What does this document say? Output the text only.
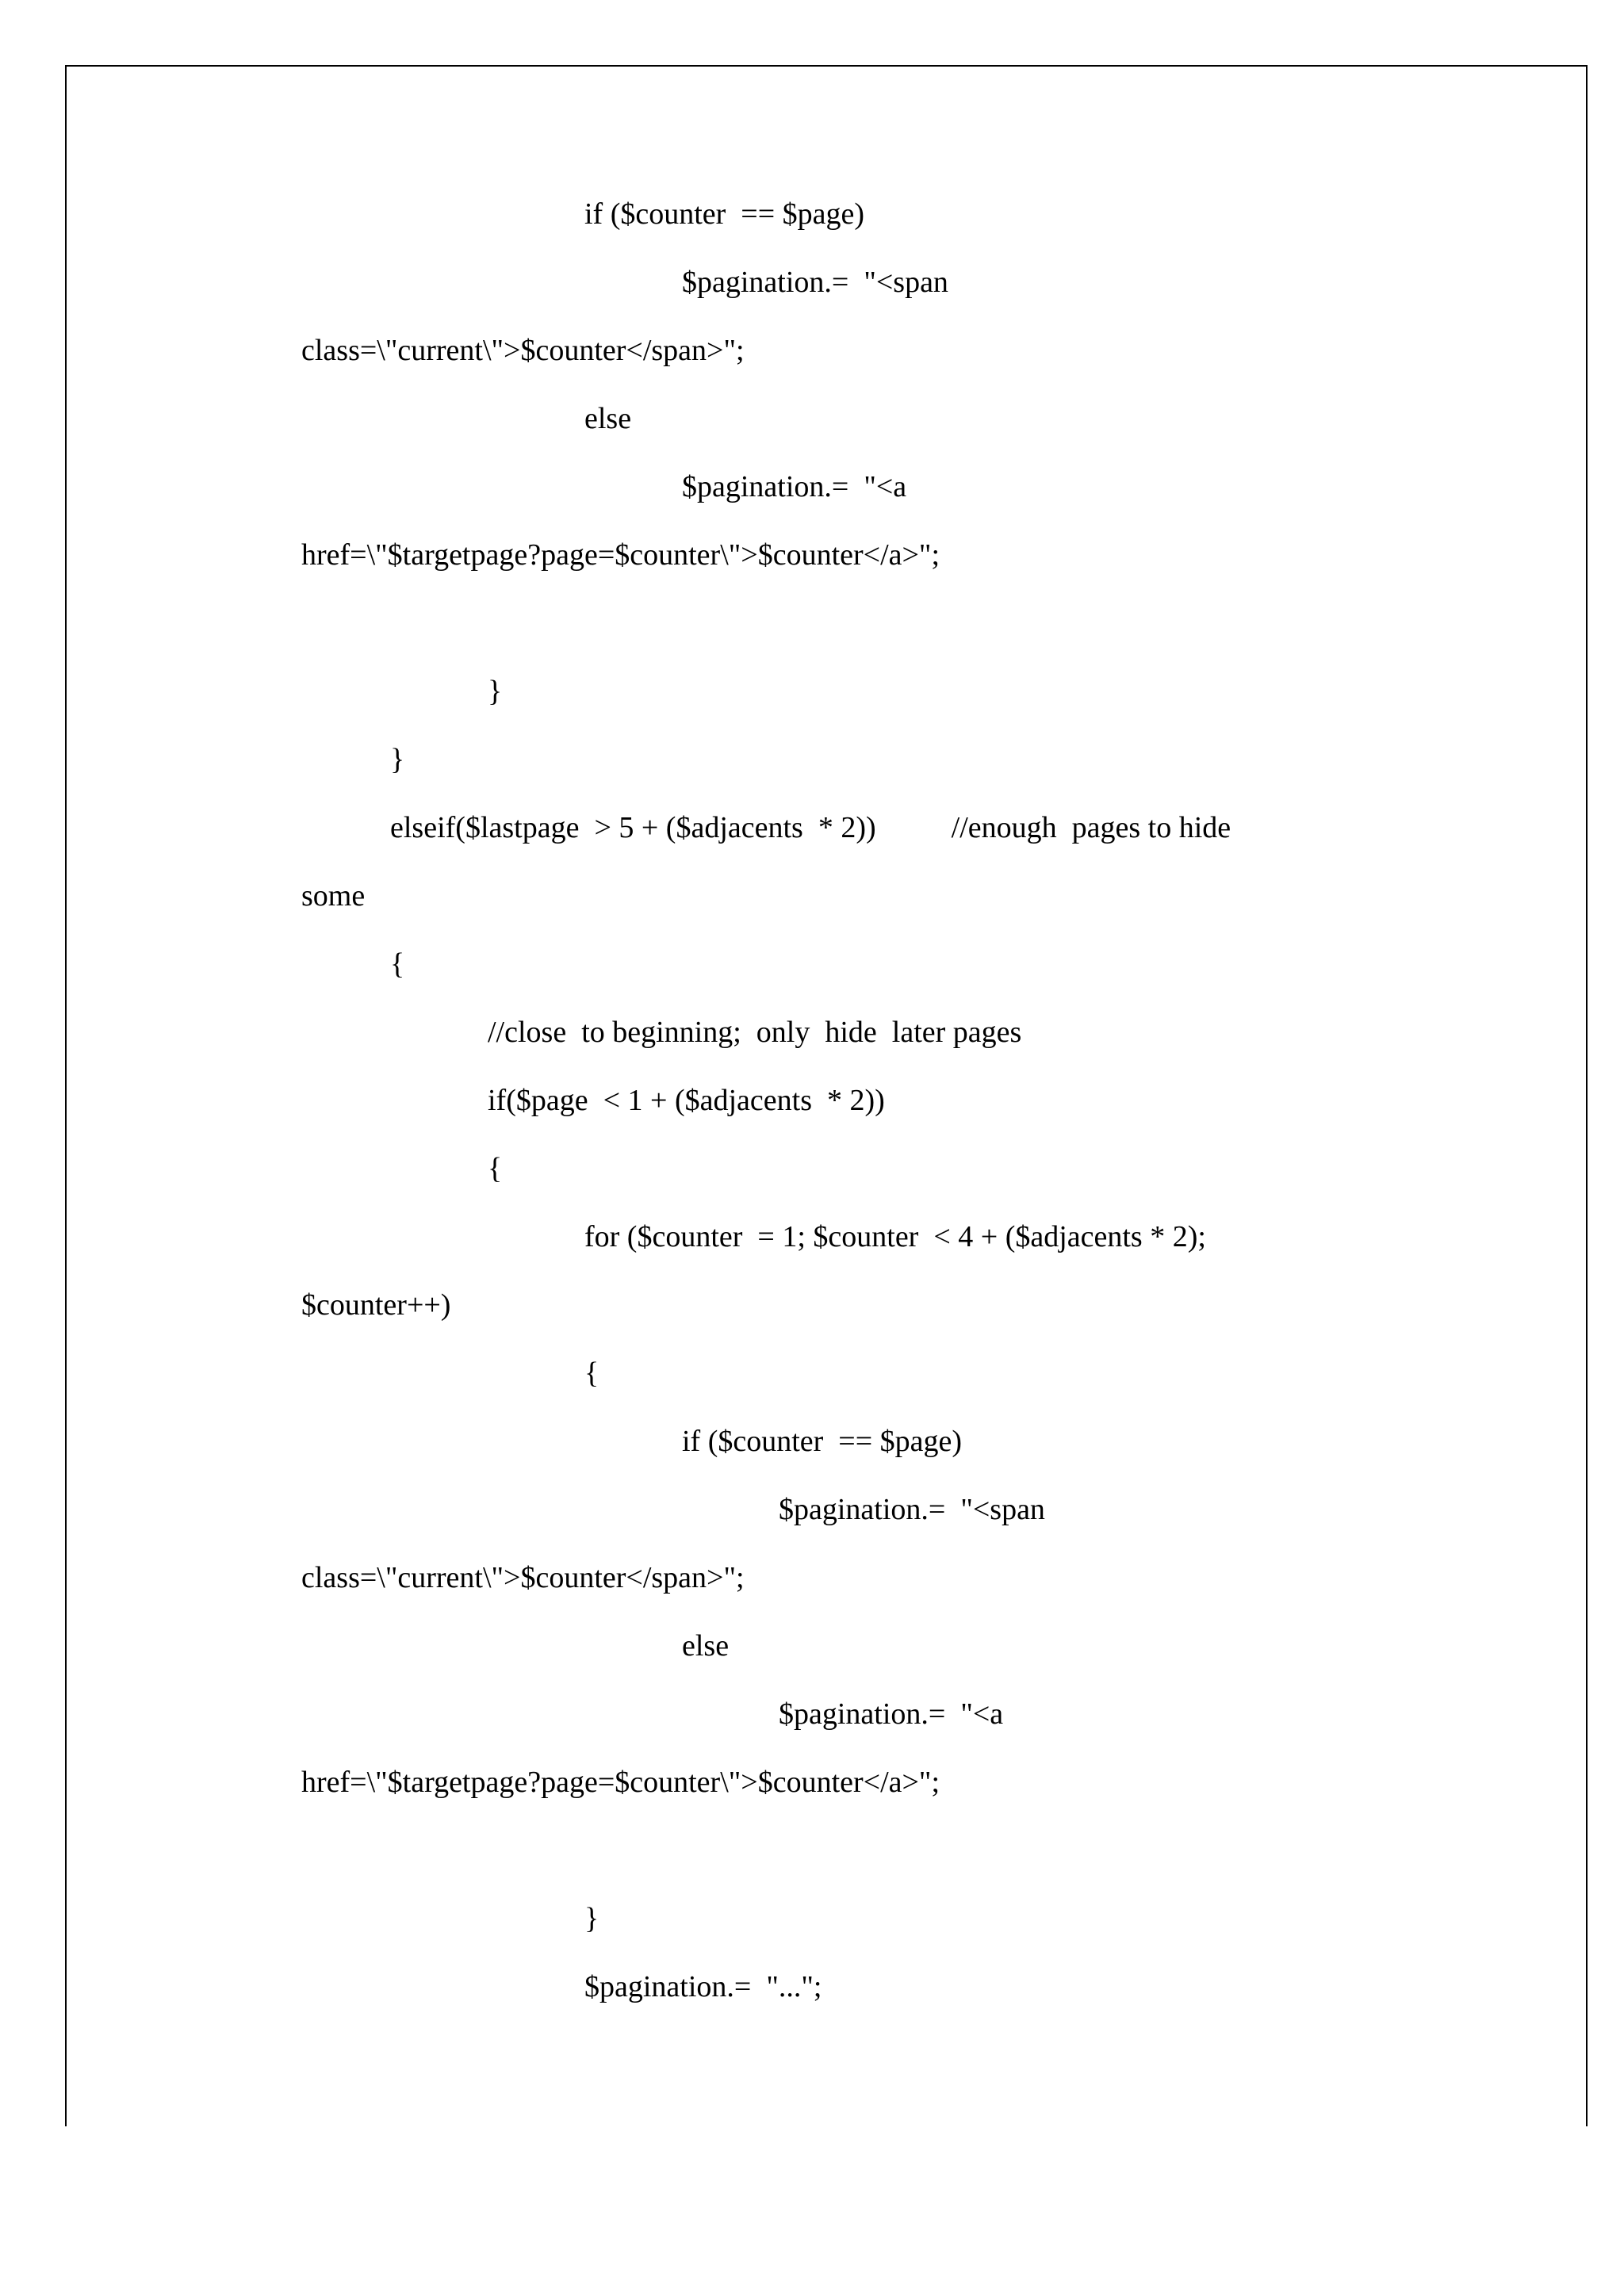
if ($counter  == $page)

$pagination.=  "<span

class=\"current\">$counter</span>";

else

$pagination.=  "<a

href=\"$targetpage?page=$counter\">$counter</a>";

}

}

elseif($lastpage  > 5 + ($adjacents  * 2))          //enough  pages to hide

some

{

//close  to beginning;  only  hide  later pages

if($page  < 1 + ($adjacents  * 2))

{

for ($counter  = 1; $counter  < 4 + ($adjacents * 2);

$counter++)

{

if ($counter  == $page)

$pagination.=  "<span

class=\"current\">$counter</span>";

else

$pagination.=  "<a

href=\"$targetpage?page=$counter\">$counter</a>";

}

$pagination.=  "...";
